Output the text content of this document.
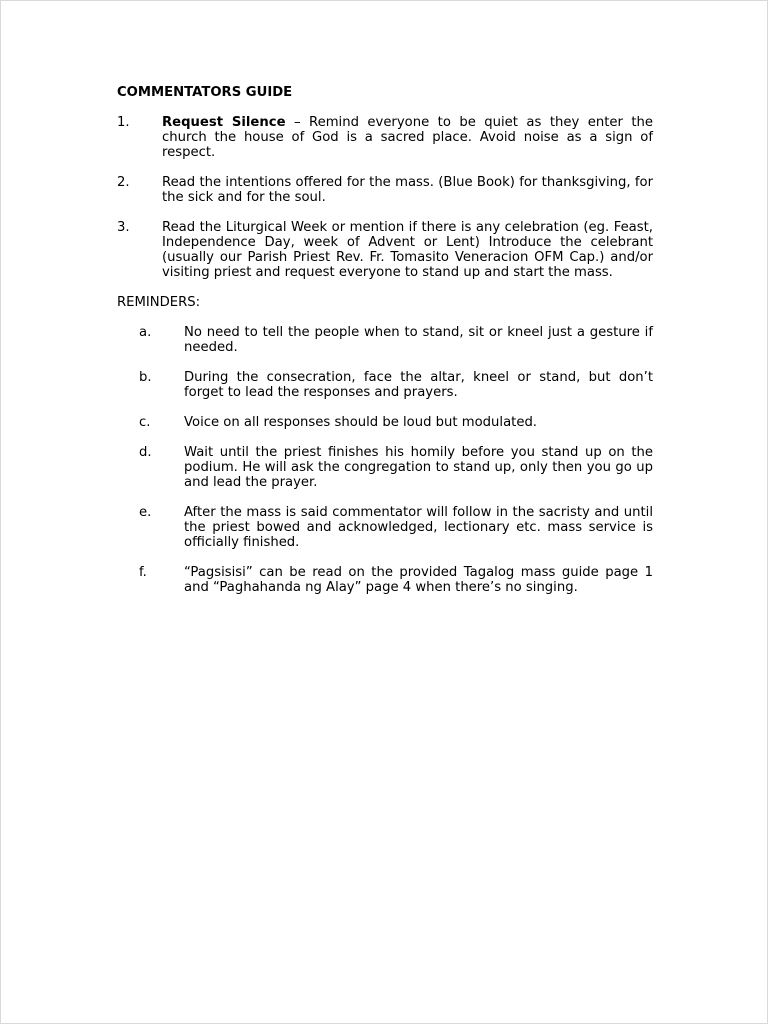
COMMENTATORS GUIDE
1.	Request Silence – Remind everyone to be quiet as they enter the church the house of God is a sacred place. Avoid noise as a sign of respect.
2.	Read the intentions offered for the mass. (Blue Book) for thanksgiving, for the sick and for the soul.
3.	Read the Liturgical Week or mention if there is any celebration (eg. Feast, Independence Day, week of Advent or Lent) Introduce the celebrant (usually our Parish Priest Rev. Fr. Tomasito Veneracion OFM Cap.) and/or visiting priest and request everyone to stand up and start the mass.
REMINDERS:
a.	No need to tell the people when to stand, sit or kneel just a gesture if needed.
b.	During the consecration, face the altar, kneel or stand, but don’t forget to lead the responses and prayers.
c.	Voice on all responses should be loud but modulated.
d.	Wait until the priest finishes his homily before you stand up on the podium. He will ask the congregation to stand up, only then you go up and lead the prayer.
e.	After the mass is said commentator will follow in the sacristy and until the priest bowed and acknowledged, lectionary etc. mass service is officially finished.
f.	“Pagsisisi” can be read on the provided Tagalog mass guide page 1 and “Paghahanda ng Alay” page 4 when there’s no singing.
